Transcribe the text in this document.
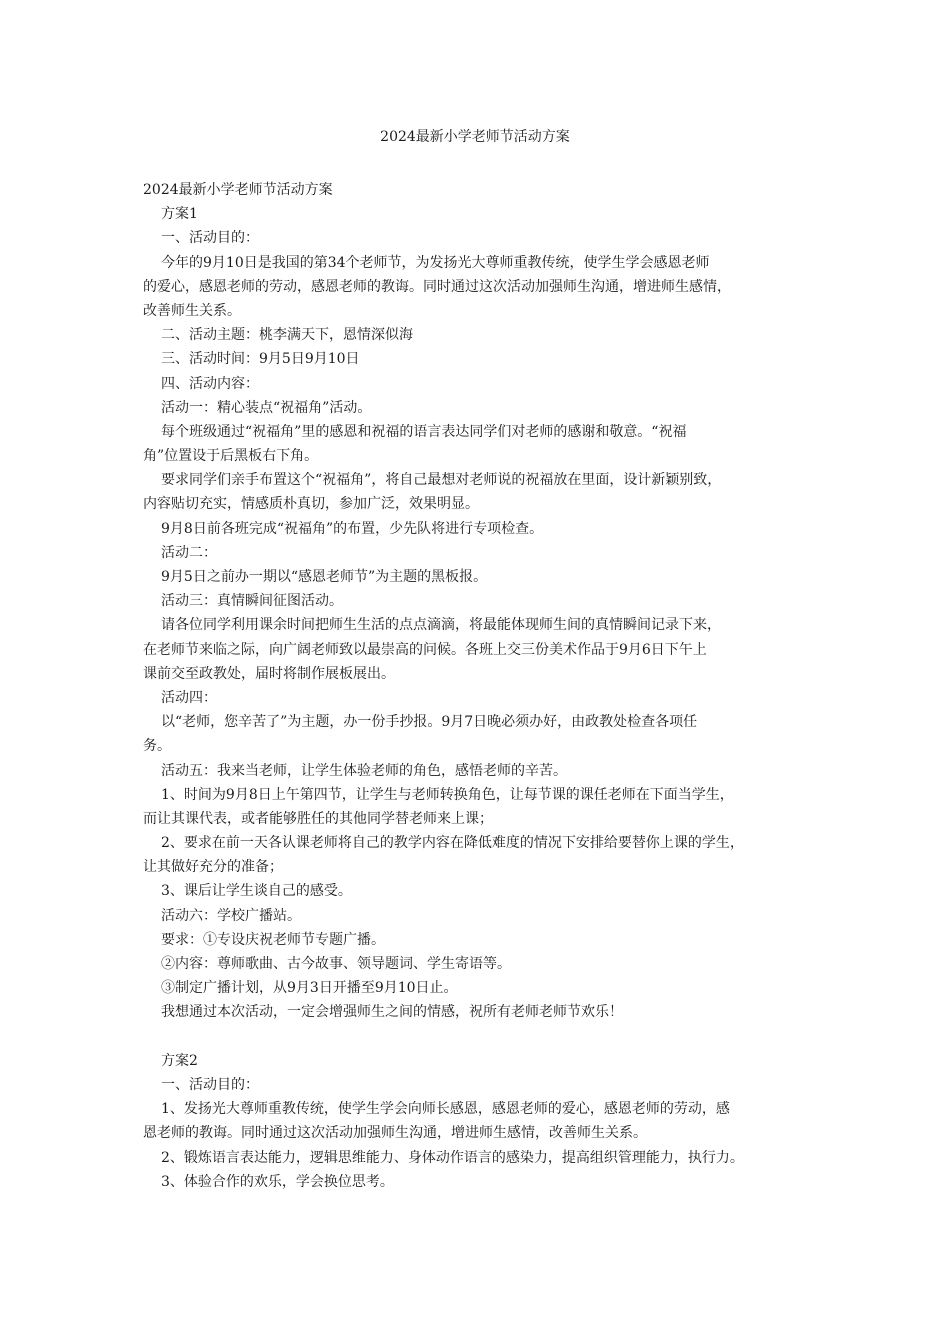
2024最新小学老师节活动方案
2024最新小学老师节活动方案
方案1
一、活动目的：
今年的9月10日是我国的第34个老师节，为发扬光大尊师重教传统，使学生学会感恩老师
的爱心，感恩老师的劳动，感恩老师的教诲。同时通过这次活动加强师生沟通，增进师生感情，
改善师生关系。
二、活动主题：桃李满天下，恩情深似海
三、活动时间：9月5日9月10日
四、活动内容：
活动一：精心装点“祝福角”活动。
每个班级通过“祝福角”里的感恩和祝福的语言表达同学们对老师的感谢和敬意。“祝福
角”位置设于后黑板右下角。
要求同学们亲手布置这个“祝福角”，将自己最想对老师说的祝福放在里面，设计新颖别致，
内容贴切充实，情感质朴真切，参加广泛，效果明显。
9月8日前各班完成“祝福角”的布置，少先队将进行专项检查。
活动二：
9月5日之前办一期以“感恩老师节”为主题的黑板报。
活动三：真情瞬间征图活动。
请各位同学利用课余时间把师生生活的点点滴滴，将最能体现师生间的真情瞬间记录下来，
在老师节来临之际，向广阔老师致以最崇高的问候。各班上交三份美术作品于9月6日下午上
课前交至政教处，届时将制作展板展出。
活动四：
以“老师，您辛苦了”为主题，办一份手抄报。9月7日晚必须办好，由政教处检查各项任
务。
活动五：我来当老师，让学生体验老师的角色，感悟老师的辛苦。
1、时间为9月8日上午第四节，让学生与老师转换角色，让每节课的课任老师在下面当学生，
而让其课代表，或者能够胜任的其他同学替老师来上课；
2、要求在前一天各认课老师将自己的教学内容在降低难度的情况下安排给要替你上课的学生，
让其做好充分的准备；
3、课后让学生谈自己的感受。
活动六：学校广播站。
要求：①专设庆祝老师节专题广播。
②内容：尊师歌曲、古今故事、领导题词、学生寄语等。
③制定广播计划，从9月3日开播至9月10日止。
我想通过本次活动，一定会增强师生之间的情感，祝所有老师老师节欢乐！
方案2
一、活动目的：
1、发扬光大尊师重教传统，使学生学会向师长感恩，感恩老师的爱心，感恩老师的劳动，感
恩老师的教诲。同时通过这次活动加强师生沟通，增进师生感情，改善师生关系。
2、锻炼语言表达能力，逻辑思维能力、身体动作语言的感染力，提高组织管理能力，执行力。
3、体验合作的欢乐，学会换位思考。
